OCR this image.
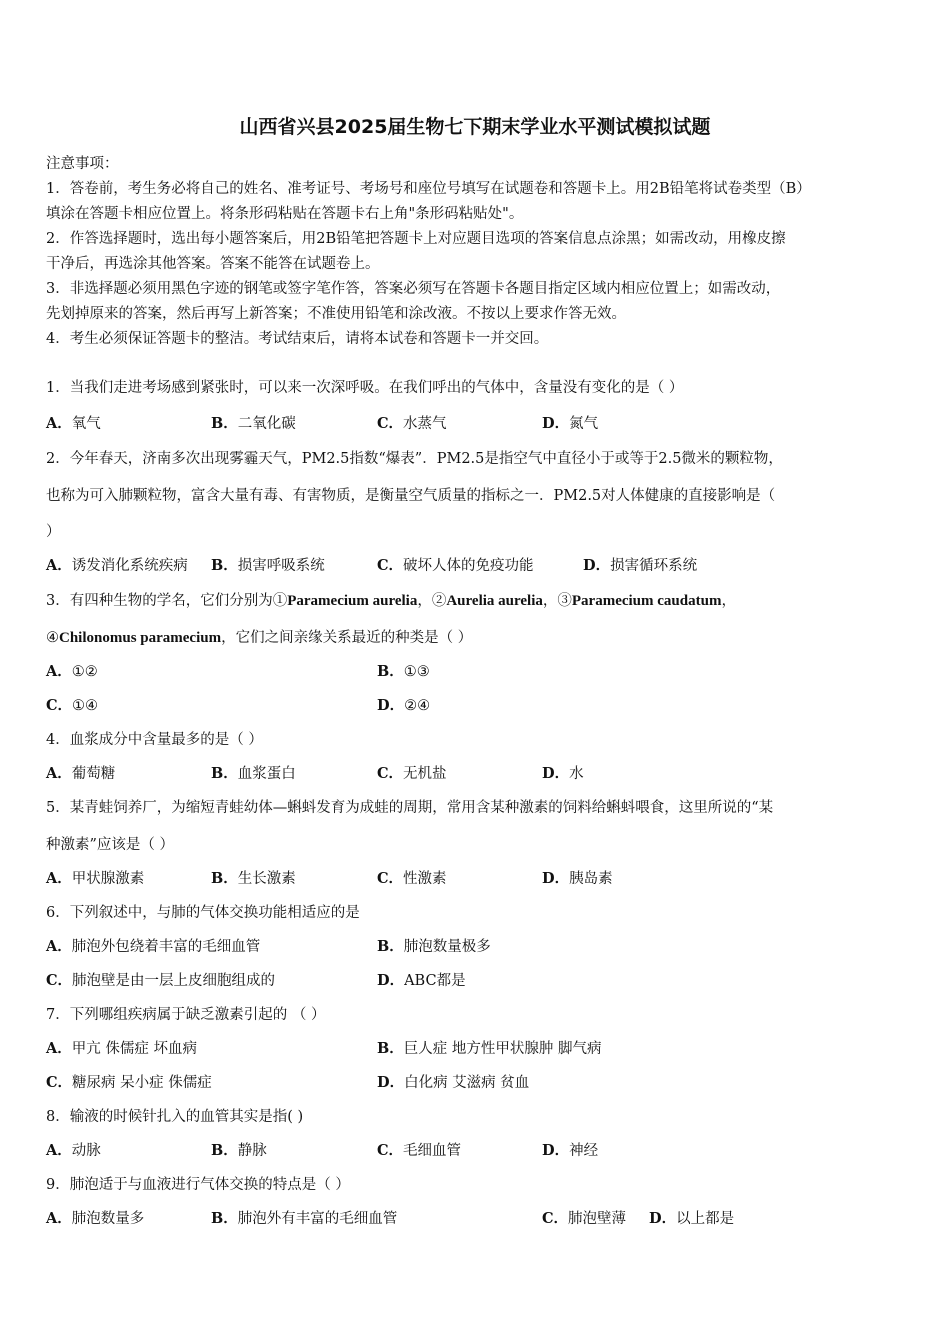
山西省兴县2025届生物七下期末学业水平测试模拟试题
注意事项：
1．答卷前，考生务必将自己的姓名、准考证号、考场号和座位号填写在试题卷和答题卡上。用2B铅笔将试卷类型（B）
填涂在答题卡相应位置上。将条形码粘贴在答题卡右上角"条形码粘贴处"。
2．作答选择题时，选出每小题答案后，用2B铅笔把答题卡上对应题目选项的答案信息点涂黑；如需改动，用橡皮擦
干净后，再选涂其他答案。答案不能答在试题卷上。
3．非选择题必须用黑色字迹的钢笔或签字笔作答，答案必须写在答题卡各题目指定区域内相应位置上；如需改动，
先划掉原来的答案，然后再写上新答案；不准使用铅笔和涂改液。不按以上要求作答无效。
4．考生必须保证答题卡的整洁。考试结束后，请将本试卷和答题卡一并交回。
1．当我们走进考场感到紧张时，可以来一次深呼吸。在我们呼出的气体中，含量没有变化的是（ ）
A．氧气	B．二氧化碳	C．水蒸气	D．氮气
2．今年春天，济南多次出现雾霾天气，PM2.5指数“爆表”．PM2.5是指空气中直径小于或等于2.5微米的颗粒物，
也称为可入肺颗粒物，富含大量有毒、有害物质，是衡量空气质量的指标之一．PM2.5对人体健康的直接影响是（
）
A．诱发消化系统疾病 B．损害呼吸系统	C．破坏人体的免疫功能	D．损害循环系统
3．有四种生物的学名，它们分别为①Paramecium aurelia，②Aurelia aurelia，③Paramecium caudatum，
④Chilonomus paramecium，它们之间亲缘关系最近的种类是（ ）
A．①②	B．①③
C．①④	D．②④
4．血浆成分中含量最多的是（ ）
A．葡萄糖	B．血浆蛋白	C．无机盐	D．水
5．某青蛙饲养厂，为缩短青蛙幼体—蝌蚪发育为成蛙的周期，常用含某种激素的饲料给蝌蚪喂食，这里所说的“某
种激素”应该是（ ）
A．甲状腺激素	B．生长激素	C．性激素	D．胰岛素
6．下列叙述中，与肺的气体交换功能相适应的是
A．肺泡外包绕着丰富的毛细血管	B．肺泡数量极多
C．肺泡壁是由一层上皮细胞组成的	D．ABC都是
7．下列哪组疾病属于缺乏激素引起的 （ ）
A．甲亢 侏儒症 坏血病	B．巨人症 地方性甲状腺肿 脚气病
C．糖尿病 呆小症 侏儒症	D．白化病 艾滋病 贫血
8．输液的时候针扎入的血管其实是指( )
A．动脉	B．静脉	C．毛细血管	D．神经
9．肺泡适于与血液进行气体交换的特点是（ ）
A．肺泡数量多	B．肺泡外有丰富的毛细血管	C．肺泡壁薄 D．以上都是
